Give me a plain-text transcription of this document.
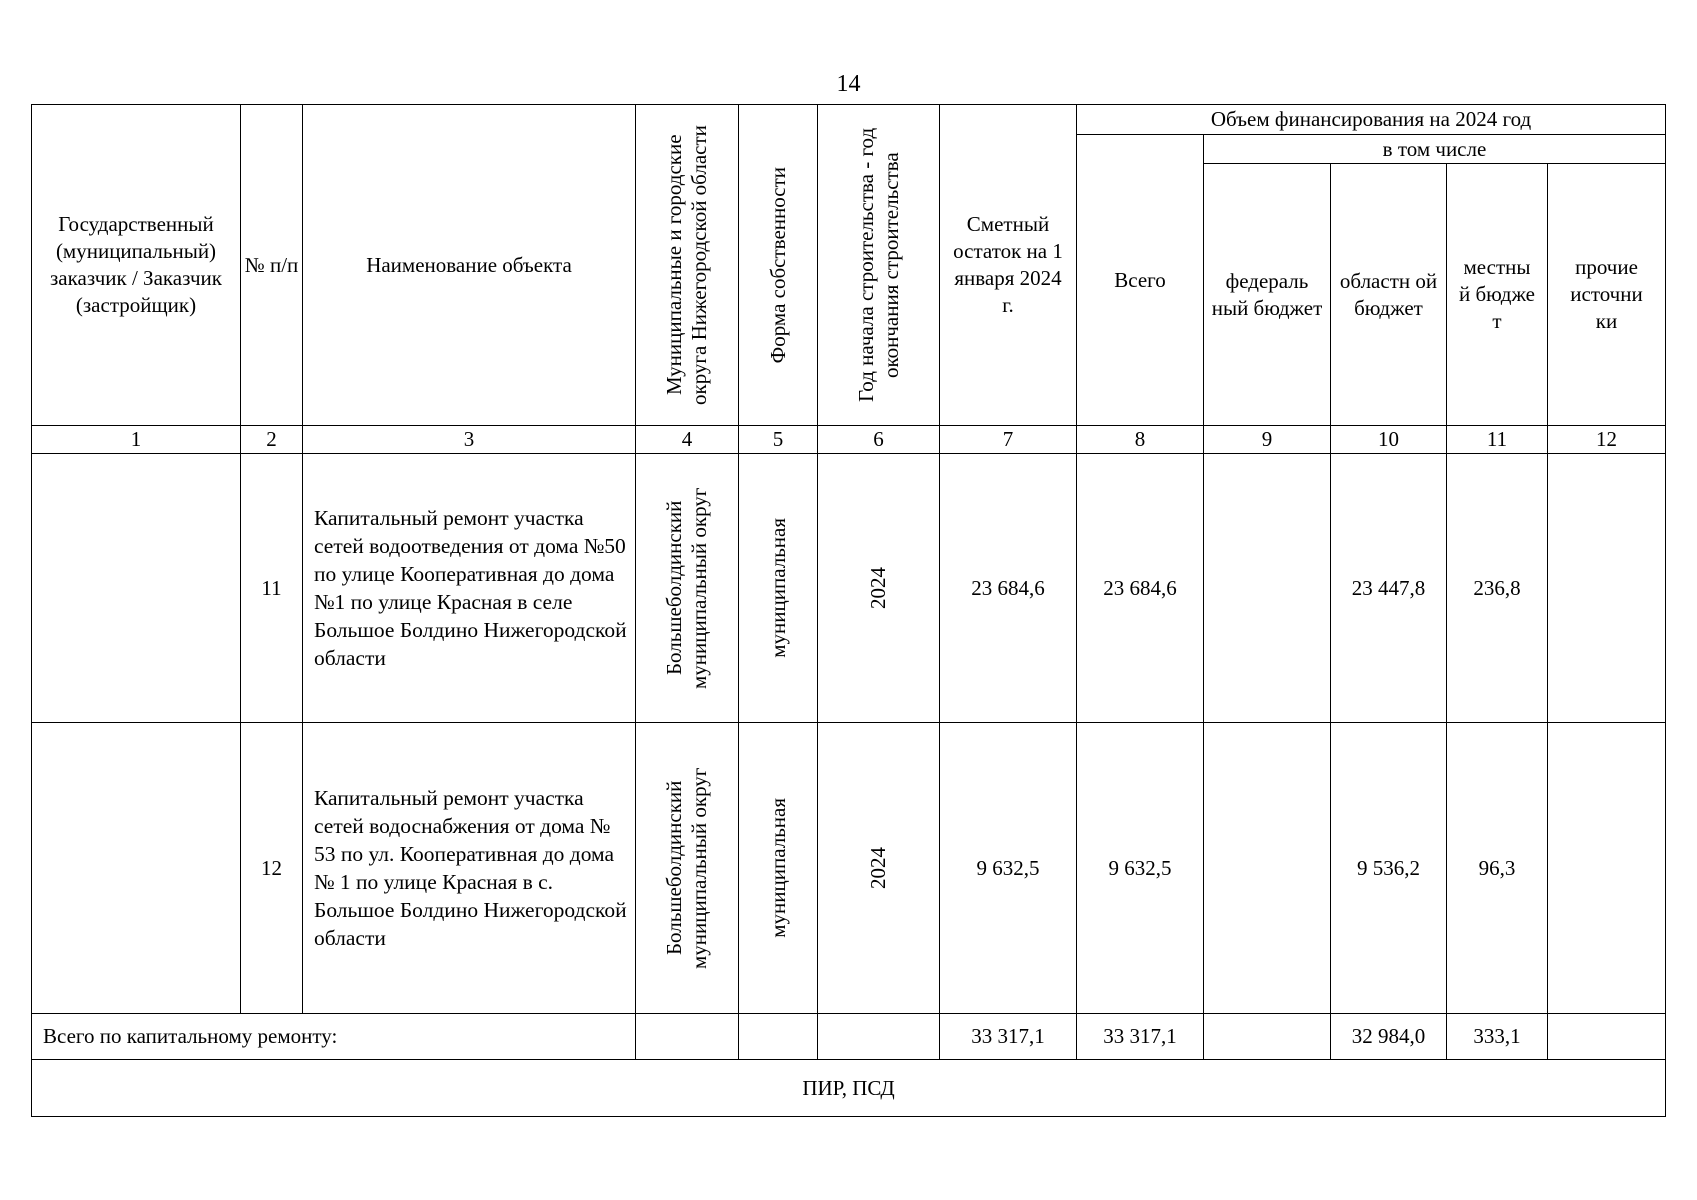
14
Государственный (муниципальный) заказчик / Заказчик (застройщик)	№ п/п	Наименование объекта	Муниципальные и городские округа Нижегородской области	Форма собственности	Год начала строительства - год окончания строительства	Сметный остаток на 1 января 2024 г.	Объем финансирования на 2024 год				
							Всего	в том числе			
								федераль ный бюджет	областн ой бюджет	местны й бюдже т	прочие источни ки
1	2	3	4	5	6	7	8	9	10	11	12
	11	Капитальный ремонт участка сетей водоотведения от дома №50 по улице Кооперативная до дома №1 по улице Красная в селе Большое Болдино Нижегородской области	Большеболдинский муниципальный округ	муниципальная	2024	23 684,6	23 684,6		23 447,8	236,8	
	12	Капитальный ремонт участка сетей водоснабжения от дома № 53 по ул. Кооперативная до дома № 1 по улице Красная в с. Большое Болдино Нижегородской области	Большеболдинский муниципальный округ	муниципальная	2024	9 632,5	9 632,5		9 536,2	96,3	
Всего по капитальному ремонту:						33 317,1	33 317,1		32 984,0	333,1	
ПИР, ПСД											
